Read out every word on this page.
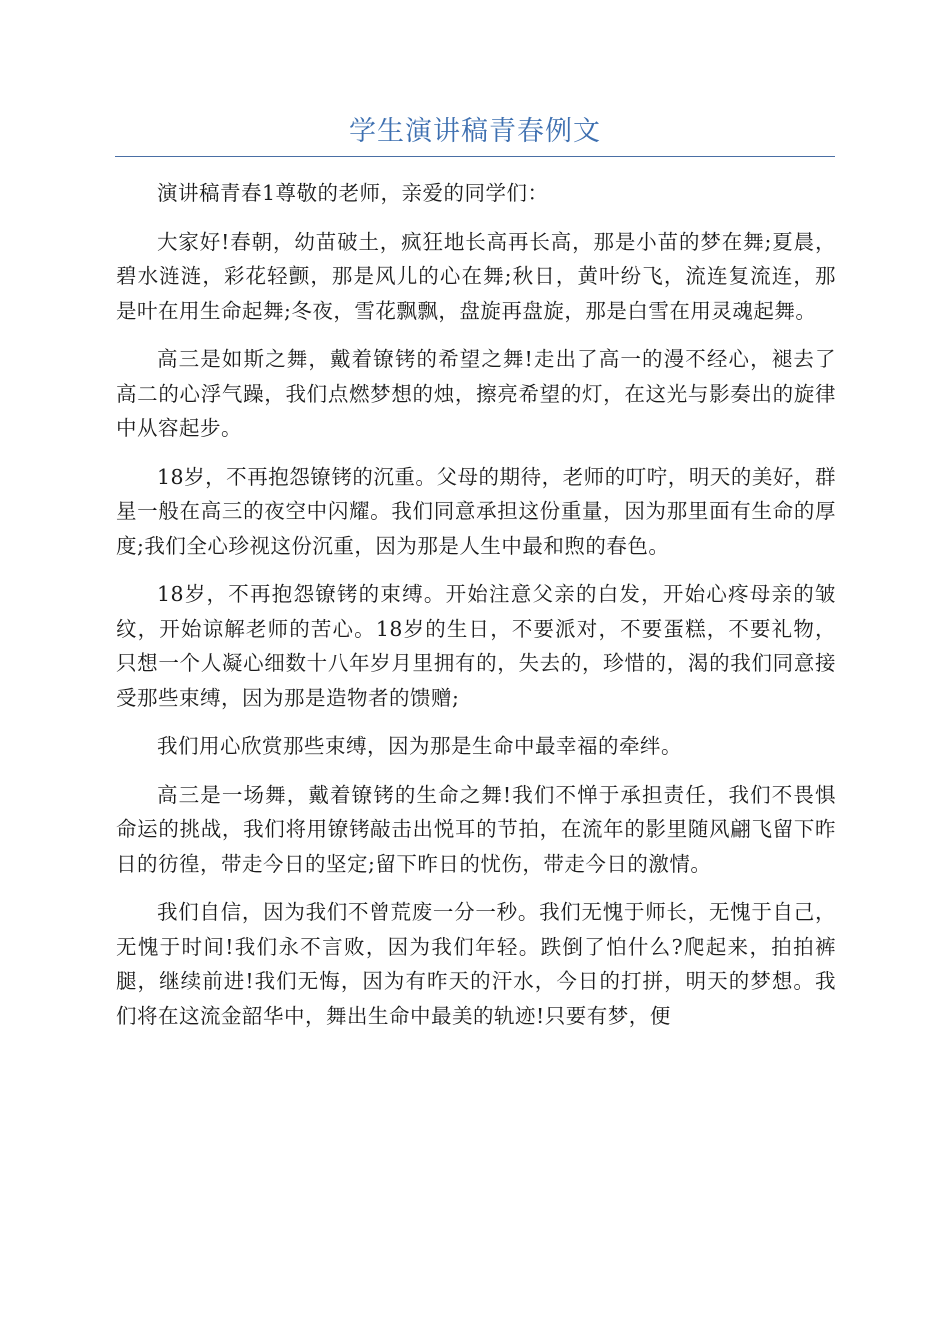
学生演讲稿青春例文

演讲稿青春1尊敬的老师，亲爱的同学们：

大家好!春朝，幼苗破土，疯狂地长高再长高，那是小苗的梦在舞;夏晨，碧水涟涟，彩花轻颤，那是风儿的心在舞;秋日，黄叶纷飞，流连复流连，那是叶在用生命起舞;冬夜，雪花飘飘，盘旋再盘旋，那是白雪在用灵魂起舞。

高三是如斯之舞，戴着镣铐的希望之舞!走出了高一的漫不经心，褪去了高二的心浮气躁，我们点燃梦想的烛，擦亮希望的灯，在这光与影奏出的旋律中从容起步。

18岁，不再抱怨镣铐的沉重。父母的期待，老师的叮咛，明天的美好，群星一般在高三的夜空中闪耀。我们同意承担这份重量，因为那里面有生命的厚度;我们全心珍视这份沉重，因为那是人生中最和煦的春色。

18岁，不再抱怨镣铐的束缚。开始注意父亲的白发，开始心疼母亲的皱纹，开始谅解老师的苦心。18岁的生日，不要派对，不要蛋糕，不要礼物，只想一个人凝心细数十八年岁月里拥有的，失去的，珍惜的，渴的我们同意接受那些束缚，因为那是造物者的馈赠;

我们用心欣赏那些束缚，因为那是生命中最幸福的牵绊。

高三是一场舞，戴着镣铐的生命之舞!我们不惮于承担责任，我们不畏惧命运的挑战，我们将用镣铐敲击出悦耳的节拍，在流年的影里随风翩飞留下昨日的彷徨，带走今日的坚定;留下昨日的忧伤，带走今日的激情。

我们自信，因为我们不曾荒废一分一秒。我们无愧于师长，无愧于自己，无愧于时间!我们永不言败，因为我们年轻。跌倒了怕什么?爬起来，拍拍裤腿，继续前进!我们无悔，因为有昨天的汗水，今日的打拼，明天的梦想。我们将在这流金韶华中，舞出生命中最美的轨迹!只要有梦，便
